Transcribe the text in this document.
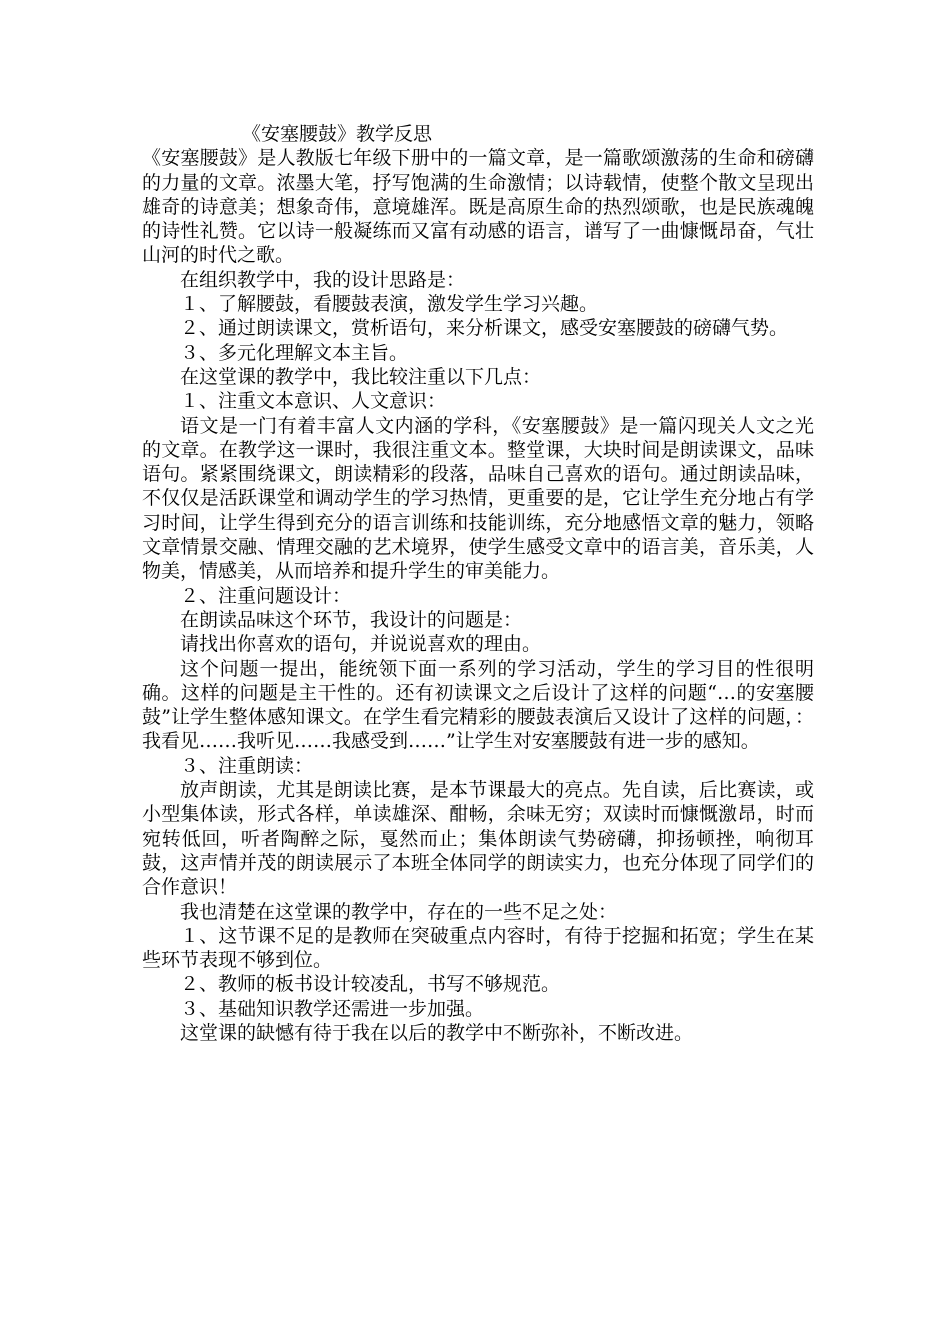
《安塞腰鼓》教学反思

《安塞腰鼓》是人教版七年级下册中的一篇文章，是一篇歌颂激荡的生命和磅礴的力量的文章。浓墨大笔，抒写饱满的生命激情；以诗载情，使整个散文呈现出雄奇的诗意美；想象奇伟，意境雄浑。既是高原生命的热烈颂歌，也是民族魂魄的诗性礼赞。它以诗一般凝练而又富有动感的语言，谱写了一曲慷慨昂奋，气壮山河的时代之歌。

在组织教学中，我的设计思路是：

１、了解腰鼓，看腰鼓表演，激发学生学习兴趣。

２、通过朗读课文，赏析语句，来分析课文，感受安塞腰鼓的磅礴气势。

３、多元化理解文本主旨。

在这堂课的教学中，我比较注重以下几点：

１、注重文本意识、人文意识：

语文是一门有着丰富人文内涵的学科，《安塞腰鼓》是一篇闪现关人文之光的文章。在教学这一课时，我很注重文本。整堂课，大块时间是朗读课文，品味语句。紧紧围绕课文，朗读精彩的段落，品味自己喜欢的语句。通过朗读品味，不仅仅是活跃课堂和调动学生的学习热情，更重要的是，它让学生充分地占有学习时间，让学生得到充分的语言训练和技能训练，充分地感悟文章的魅力，领略文章情景交融、情理交融的艺术境界，使学生感受文章中的语言美，音乐美，人物美，情感美，从而培养和提升学生的审美能力。

２、注重问题设计：

在朗读品味这个环节，我设计的问题是：

请找出你喜欢的语句，并说说喜欢的理由。

这个问题一提出，能统领下面一系列的学习活动，学生的学习目的性很明确。这样的问题是主干性的。还有初读课文之后设计了这样的问题“…的安塞腰鼓”让学生整体感知课文。在学生看完精彩的腰鼓表演后又设计了这样的问题，：我看见……我听见……我感受到……”让学生对安塞腰鼓有进一步的感知。

３、注重朗读：

放声朗读，尤其是朗读比赛，是本节课最大的亮点。先自读，后比赛读，或小型集体读，形式各样，单读雄深、酣畅，余味无穷；双读时而慷慨激昂，时而宛转低回，听者陶醉之际，戛然而止；集体朗读气势磅礴，抑扬顿挫，响彻耳鼓，这声情并茂的朗读展示了本班全体同学的朗读实力，也充分体现了同学们的合作意识！

我也清楚在这堂课的教学中，存在的一些不足之处：

１、这节课不足的是教师在突破重点内容时，有待于挖掘和拓宽；学生在某些环节表现不够到位。

２、教师的板书设计较凌乱，书写不够规范。

３、基础知识教学还需进一步加强。

这堂课的缺憾有待于我在以后的教学中不断弥补，不断改进。
